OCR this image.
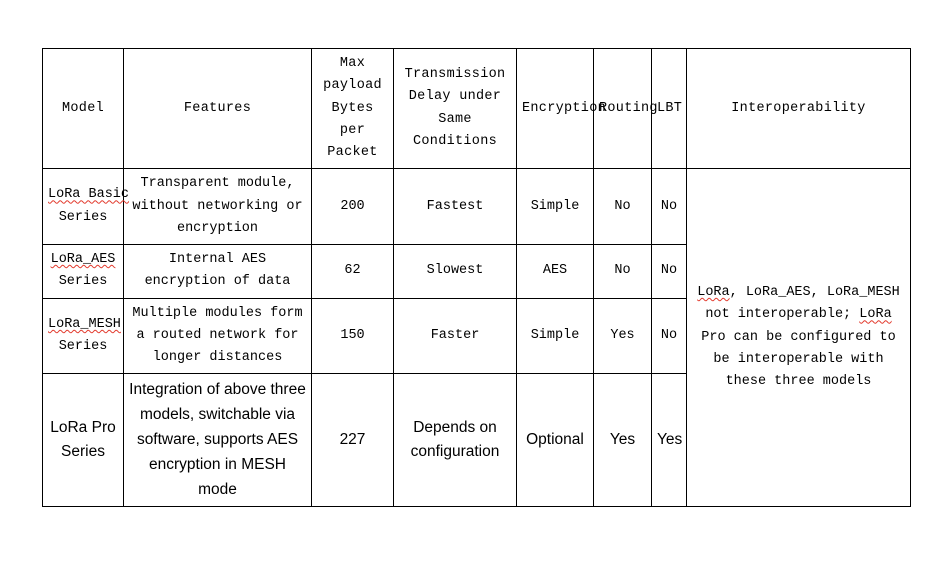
Model	Features	Max
payload
Bytes per
Packet	Transmission
Delay under Same
Conditions	Encryption	Routing	LBT	Interoperability
LoRa Basic
Series	Transparent module, without networking or encryption	200	Fastest	Simple	No	No	LoRa, LoRa_AES, LoRa_MESH not interoperable; LoRa Pro can be configured to be interoperable with these three models
LoRa_AES
Series	Internal AES encryption of data	62	Slowest	AES	No	No	
LoRa_MESH
Series	Multiple modules form a routed network for longer distances	150	Faster	Simple	Yes	No	
LoRa Pro
Series	Integration of above three models, switchable via software, supports AES encryption in MESH mode	227	Depends on configuration	Optional	Yes	Yes	
